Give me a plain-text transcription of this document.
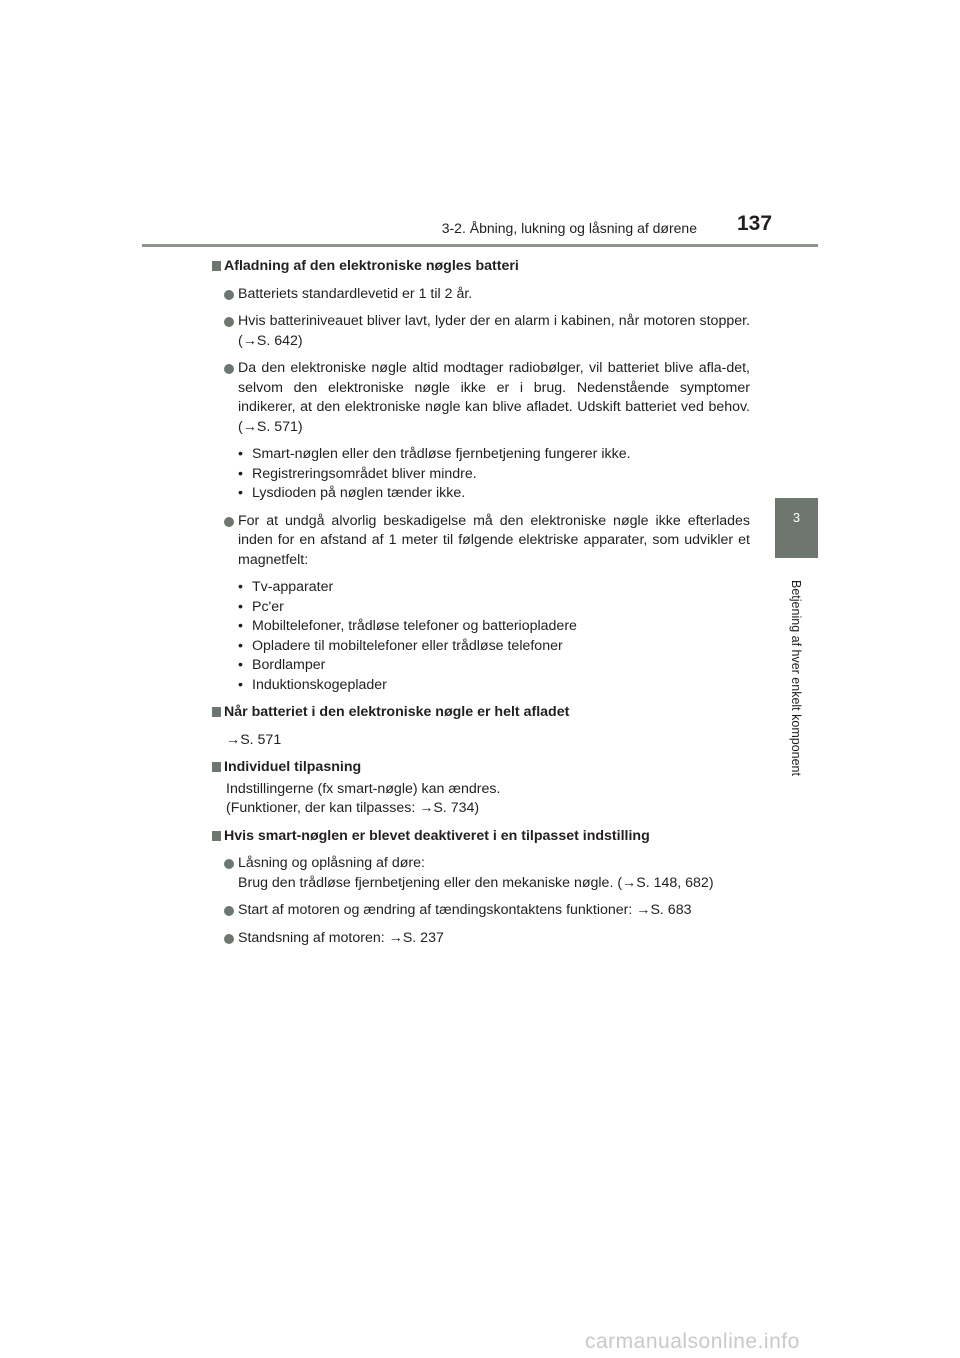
3-2. Åbning, lukning og låsning af dørene 137
3
Betjening af hver enkelt komponent
Afladning af den elektroniske nøgles batteri
Batteriets standardlevetid er 1 til 2 år.
Hvis batteriniveauet bliver lavt, lyder der en alarm i kabinen, når motoren stopper. (→S. 642)
Da den elektroniske nøgle altid modtager radiobølger, vil batteriet blive afla-det, selvom den elektroniske nøgle ikke er i brug. Nedenstående symptomer indikerer, at den elektroniske nøgle kan blive afladet. Udskift batteriet ved behov. (→S. 571)
• Smart-nøglen eller den trådløse fjernbetjening fungerer ikke.
• Registreringsområdet bliver mindre.
• Lysdioden på nøglen tænder ikke.
For at undgå alvorlig beskadigelse må den elektroniske nøgle ikke efterlades inden for en afstand af 1 meter til følgende elektriske apparater, som udvikler et magnetfelt:
• Tv-apparater
• Pc'er
• Mobiltelefoner, trådløse telefoner og batteriopladere
• Opladere til mobiltelefoner eller trådløse telefoner
• Bordlamper
• Induktionskogeplader
Når batteriet i den elektroniske nøgle er helt afladet
→S. 571
Individuel tilpasning
Indstillingerne (fx smart-nøgle) kan ændres.
(Funktioner, der kan tilpasses: →S. 734)
Hvis smart-nøglen er blevet deaktiveret i en tilpasset indstilling
Låsning og oplåsning af døre:
Brug den trådløse fjernbetjening eller den mekaniske nøgle. (→S. 148, 682)
Start af motoren og ændring af tændingskontaktens funktioner: →S. 683
Standsning af motoren: →S. 237
carmanualsonline.info
